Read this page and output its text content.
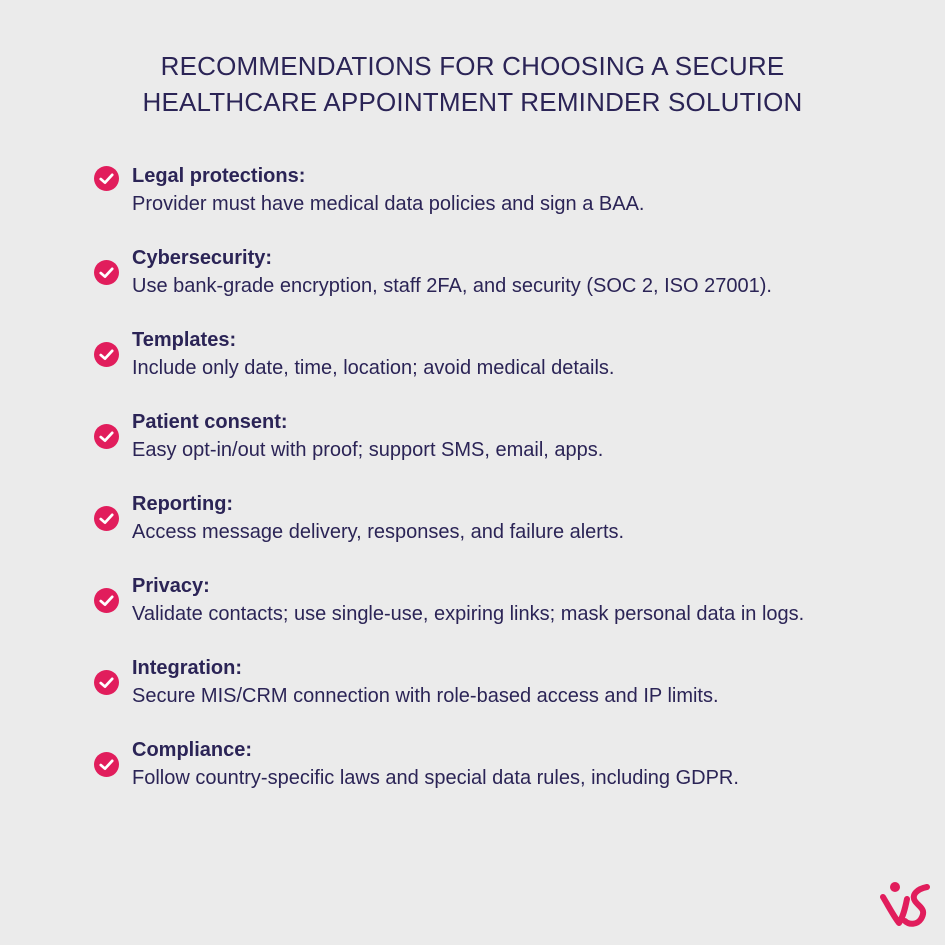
RECOMMENDATIONS FOR CHOOSING A SECURE
HEALTHCARE APPOINTMENT REMINDER SOLUTION
Legal protections:
Provider must have medical data policies and sign a BAA.
Cybersecurity:
Use bank-grade encryption, staff 2FA, and security (SOC 2, ISO 27001).
Templates:
Include only date, time, location; avoid medical details.
Patient consent:
Easy opt-in/out with proof; support SMS, email, apps.
Reporting:
Access message delivery, responses, and failure alerts.
Privacy:
Validate contacts; use single-use, expiring links; mask personal data in logs.
Integration:
Secure MIS/CRM connection with role-based access and IP limits.
Compliance:
Follow country-specific laws and special data rules, including GDPR.
